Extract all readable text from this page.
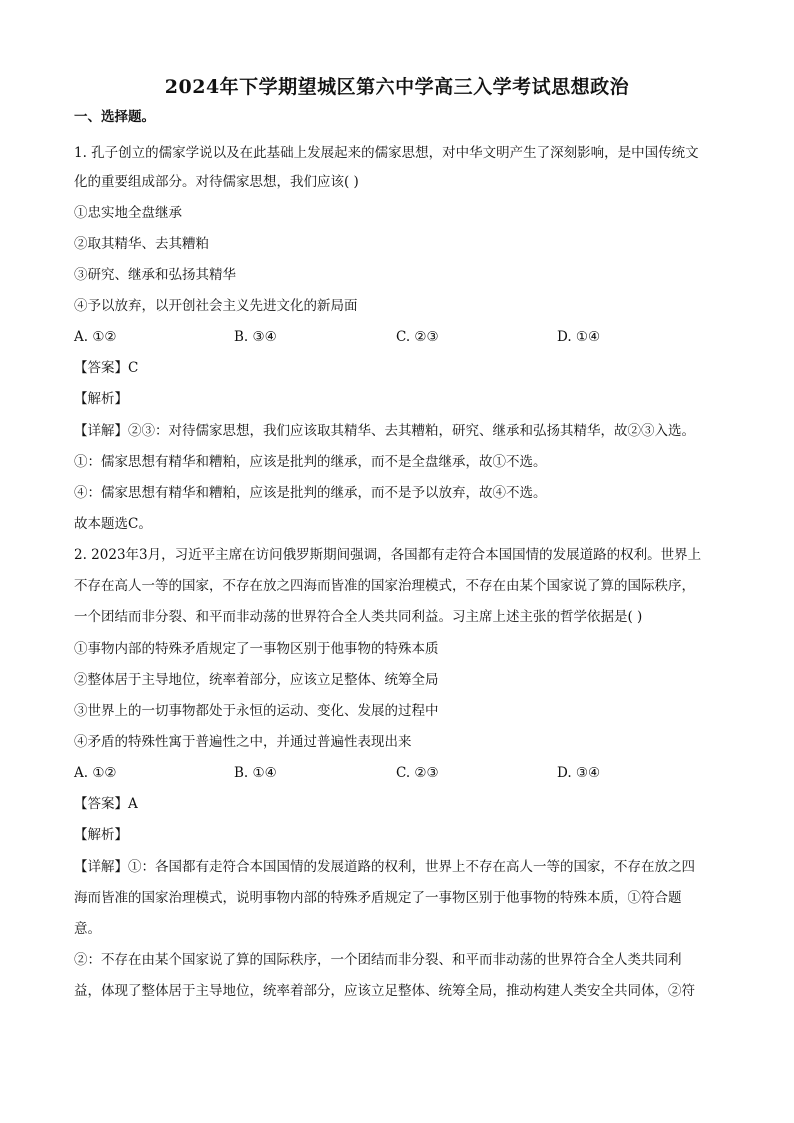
2024年下学期望城区第六中学高三入学考试思想政治
一、选择题。
1. 孔子创立的儒家学说以及在此基础上发展起来的儒家思想，对中华文明产生了深刻影响，是中国传统文
化的重要组成部分。对待儒家思想，我们应该( )
①忠实地全盘继承
②取其精华、去其糟粕
③研究、继承和弘扬其精华
④予以放弃，以开创社会主义先进文化的新局面
A. ①②	B. ③④	C. ②③	D. ①④
【答案】C
【解析】
【详解】②③：对待儒家思想，我们应该取其精华、去其糟粕，研究、继承和弘扬其精华，故②③入选。
①：儒家思想有精华和糟粕，应该是批判的继承，而不是全盘继承，故①不选。
④：儒家思想有精华和糟粕，应该是批判的继承，而不是予以放弃，故④不选。
故本题选C。
2. 2023年3月，习近平主席在访问俄罗斯期间强调，各国都有走符合本国国情的发展道路的权利。世界上
不存在高人一等的国家，不存在放之四海而皆准的国家治理模式，不存在由某个国家说了算的国际秩序，
一个团结而非分裂、和平而非动荡的世界符合全人类共同利益。习主席上述主张的哲学依据是( )
①事物内部的特殊矛盾规定了一事物区别于他事物的特殊本质
②整体居于主导地位，统率着部分，应该立足整体、统筹全局
③世界上的一切事物都处于永恒的运动、变化、发展的过程中
④矛盾的特殊性寓于普遍性之中，并通过普遍性表现出来
A. ①②	B. ①④	C. ②③	D. ③④
【答案】A
【解析】
【详解】①：各国都有走符合本国国情的发展道路的权利，世界上不存在高人一等的国家，不存在放之四
海而皆准的国家治理模式，说明事物内部的特殊矛盾规定了一事物区别于他事物的特殊本质，①符合题
意。
②：不存在由某个国家说了算的国际秩序，一个团结而非分裂、和平而非动荡的世界符合全人类共同利
益，体现了整体居于主导地位，统率着部分，应该立足整体、统筹全局，推动构建人类安全共同体，②符
